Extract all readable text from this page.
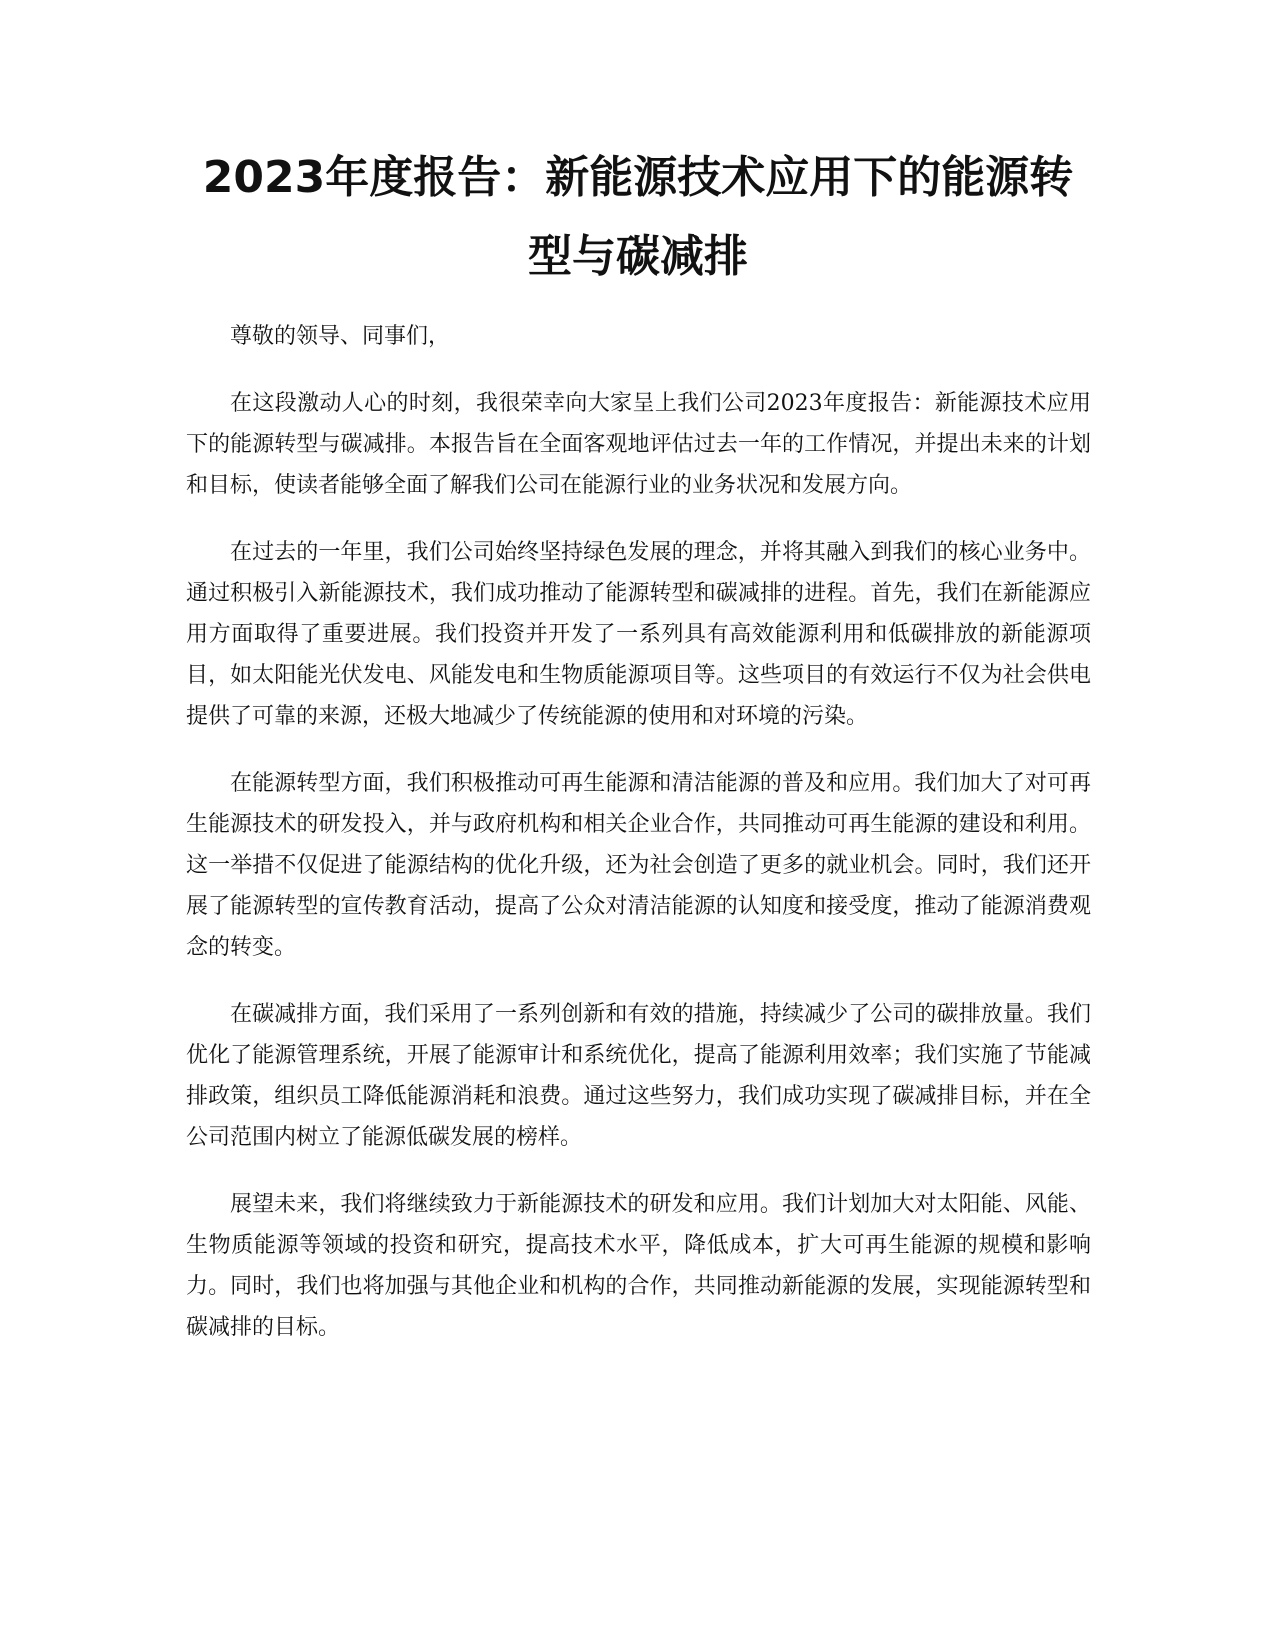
2023年度报告：新能源技术应用下的能源转型与碳减排

尊敬的领导、同事们，

在这段激动人心的时刻，我很荣幸向大家呈上我们公司2023年度报告：新能源技术应用下的能源转型与碳减排。本报告旨在全面客观地评估过去一年的工作情况，并提出未来的计划和目标，使读者能够全面了解我们公司在能源行业的业务状况和发展方向。

在过去的一年里，我们公司始终坚持绿色发展的理念，并将其融入到我们的核心业务中。通过积极引入新能源技术，我们成功推动了能源转型和碳减排的进程。首先，我们在新能源应用方面取得了重要进展。我们投资并开发了一系列具有高效能源利用和低碳排放的新能源项目，如太阳能光伏发电、风能发电和生物质能源项目等。这些项目的有效运行不仅为社会供电提供了可靠的来源，还极大地减少了传统能源的使用和对环境的污染。

在能源转型方面，我们积极推动可再生能源和清洁能源的普及和应用。我们加大了对可再生能源技术的研发投入，并与政府机构和相关企业合作，共同推动可再生能源的建设和利用。这一举措不仅促进了能源结构的优化升级，还为社会创造了更多的就业机会。同时，我们还开展了能源转型的宣传教育活动，提高了公众对清洁能源的认知度和接受度，推动了能源消费观念的转变。

在碳减排方面，我们采用了一系列创新和有效的措施，持续减少了公司的碳排放量。我们优化了能源管理系统，开展了能源审计和系统优化，提高了能源利用效率；我们实施了节能减排政策，组织员工降低能源消耗和浪费。通过这些努力，我们成功实现了碳减排目标，并在全公司范围内树立了能源低碳发展的榜样。

展望未来，我们将继续致力于新能源技术的研发和应用。我们计划加大对太阳能、风能、生物质能源等领域的投资和研究，提高技术水平，降低成本，扩大可再生能源的规模和影响力。同时，我们也将加强与其他企业和机构的合作，共同推动新能源的发展，实现能源转型和碳减排的目标。
